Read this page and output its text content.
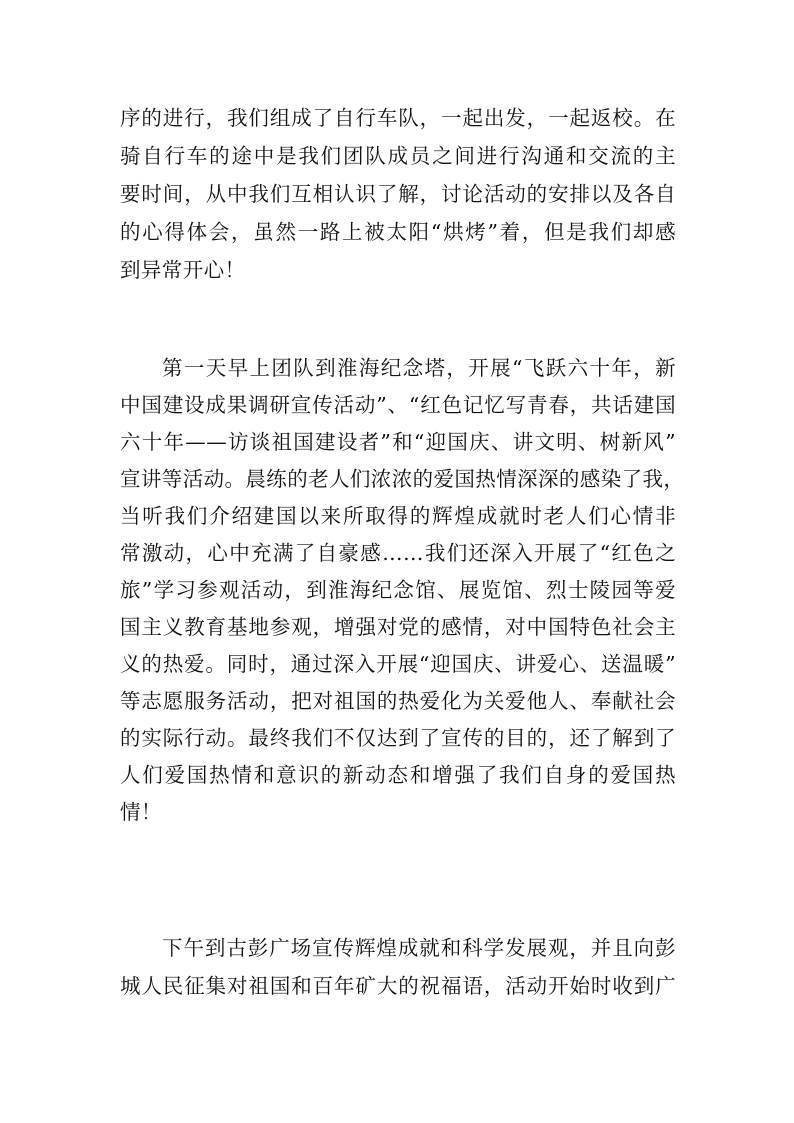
序的进行，我们组成了自行车队，一起出发，一起返校。在
骑自行车的途中是我们团队成员之间进行沟通和交流的主
要时间，从中我们互相认识了解，讨论活动的安排以及各自
的心得体会，虽然一路上被太阳“烘烤”着，但是我们却感
到异常开心！
第一天早上团队到淮海纪念塔，开展“飞跃六十年，新
中国建设成果调研宣传活动”、“红色记忆写青春，共话建国
六十年——访谈祖国建设者”和“迎国庆、讲文明、树新风”
宣讲等活动。晨练的老人们浓浓的爱国热情深深的感染了我，
当听我们介绍建国以来所取得的辉煌成就时老人们心情非
常激动，心中充满了自豪感……我们还深入开展了“红色之
旅”学习参观活动，到淮海纪念馆、展览馆、烈士陵园等爱
国主义教育基地参观，增强对党的感情，对中国特色社会主
义的热爱。同时，通过深入开展“迎国庆、讲爱心、送温暖”
等志愿服务活动，把对祖国的热爱化为关爱他人、奉献社会
的实际行动。最终我们不仅达到了宣传的目的，还了解到了
人们爱国热情和意识的新动态和增强了我们自身的爱国热
情！
下午到古彭广场宣传辉煌成就和科学发展观，并且向彭
城人民征集对祖国和百年矿大的祝福语，活动开始时收到广
